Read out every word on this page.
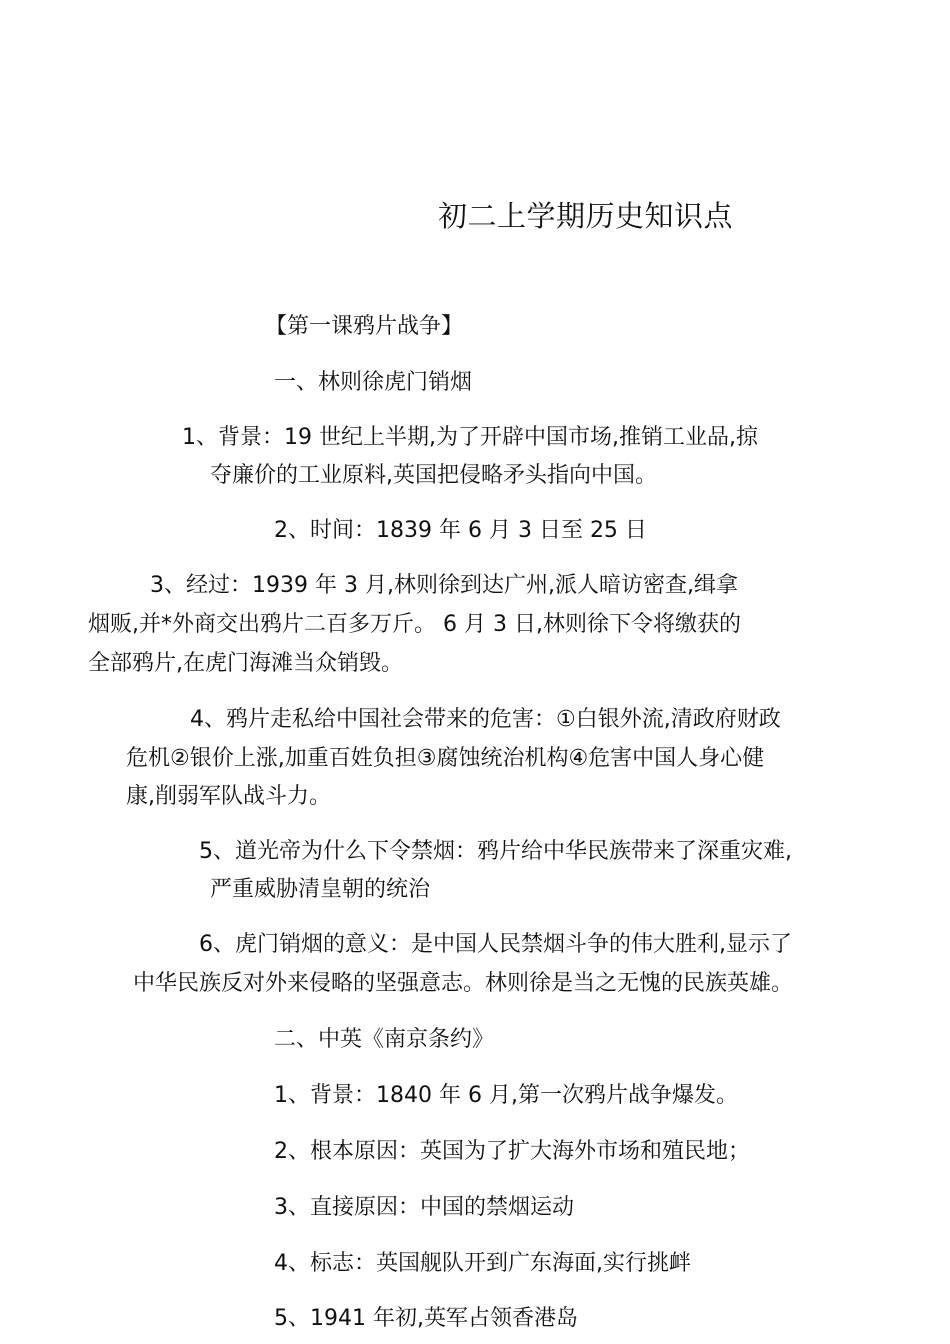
初二上学期历史知识点
【第一课鸦片战争】
一、林则徐虎门销烟
1、背景：19 世纪上半期,为了开辟中国市场,推销工业品,掠
夺廉价的工业原料,英国把侵略矛头指向中国。
2、时间：1839 年 6 月 3 日至 25 日
3、经过：1939 年 3 月,林则徐到达广州,派人暗访密查,缉拿
烟贩,并*外商交出鸦片二百多万斤。 6 月 3 日,林则徐下令将缴获的
全部鸦片,在虎门海滩当众销毁。
4、鸦片走私给中国社会带来的危害：①白银外流,清政府财政
危机②银价上涨,加重百姓负担③腐蚀统治机构④危害中国人身心健
康,削弱军队战斗力。
5、道光帝为什么下令禁烟：鸦片给中华民族带来了深重灾难,
严重威胁清皇朝的统治
6、虎门销烟的意义：是中国人民禁烟斗争的伟大胜利,显示了
中华民族反对外来侵略的坚强意志。林则徐是当之无愧的民族英雄。
二、中英《南京条约》
1、背景：1840 年 6 月,第一次鸦片战争爆发。
2、根本原因：英国为了扩大海外市场和殖民地；
3、直接原因：中国的禁烟运动
4、标志：英国舰队开到广东海面,实行挑衅
5、1941 年初,英军占领香港岛
